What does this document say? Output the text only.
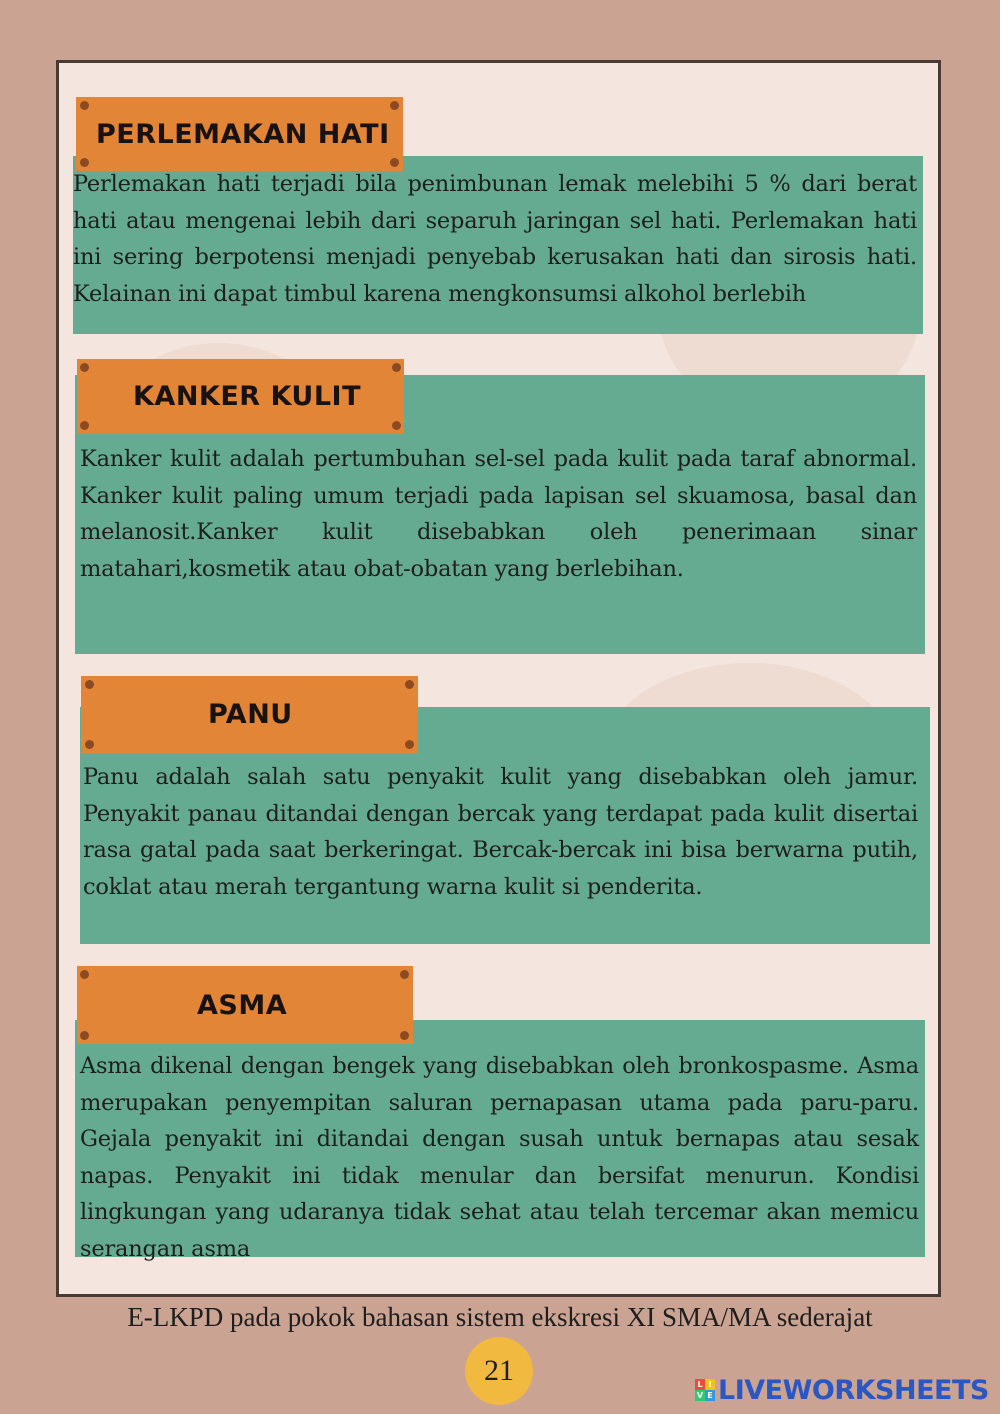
Perlemakan hati terjadi bila penimbunan lemak melebihi 5 % dari berat hati atau mengenai lebih dari separuh jaringan sel hati. Perlemakan hati ini sering berpotensi menjadi penyebab kerusakan hati dan sirosis hati. Kelainan ini dapat timbul karena mengkonsumsi alkohol berlebih

PERLEMAKAN HATI

Kanker kulit adalah pertumbuhan sel-sel pada kulit pada taraf abnormal. Kanker kulit paling umum terjadi pada lapisan sel skuamosa, basal dan melanosit.Kanker kulit disebabkan oleh penerimaan sinar matahari,kosmetik atau obat-obatan yang berlebihan.

KANKER KULIT

Panu adalah salah satu penyakit kulit yang disebabkan oleh jamur. Penyakit panau ditandai dengan bercak yang terdapat pada kulit disertai rasa gatal pada saat berkeringat. Bercak-bercak ini bisa berwarna putih, coklat atau merah tergantung warna kulit si penderita.

PANU

Asma dikenal dengan bengek yang disebabkan oleh bronkospasme. Asma merupakan penyempitan saluran pernapasan utama pada paru-paru. Gejala penyakit ini ditandai dengan susah untuk bernapas atau sesak napas. Penyakit ini tidak menular dan bersifat menurun. Kondisi lingkungan yang udaranya tidak sehat atau telah tercemar akan memicu serangan asma

ASMA
E-LKPD pada pokok bahasan sistem ekskresi XI SMA/MA sederajat
21	L I
V E LIVEWORKSHEETS
